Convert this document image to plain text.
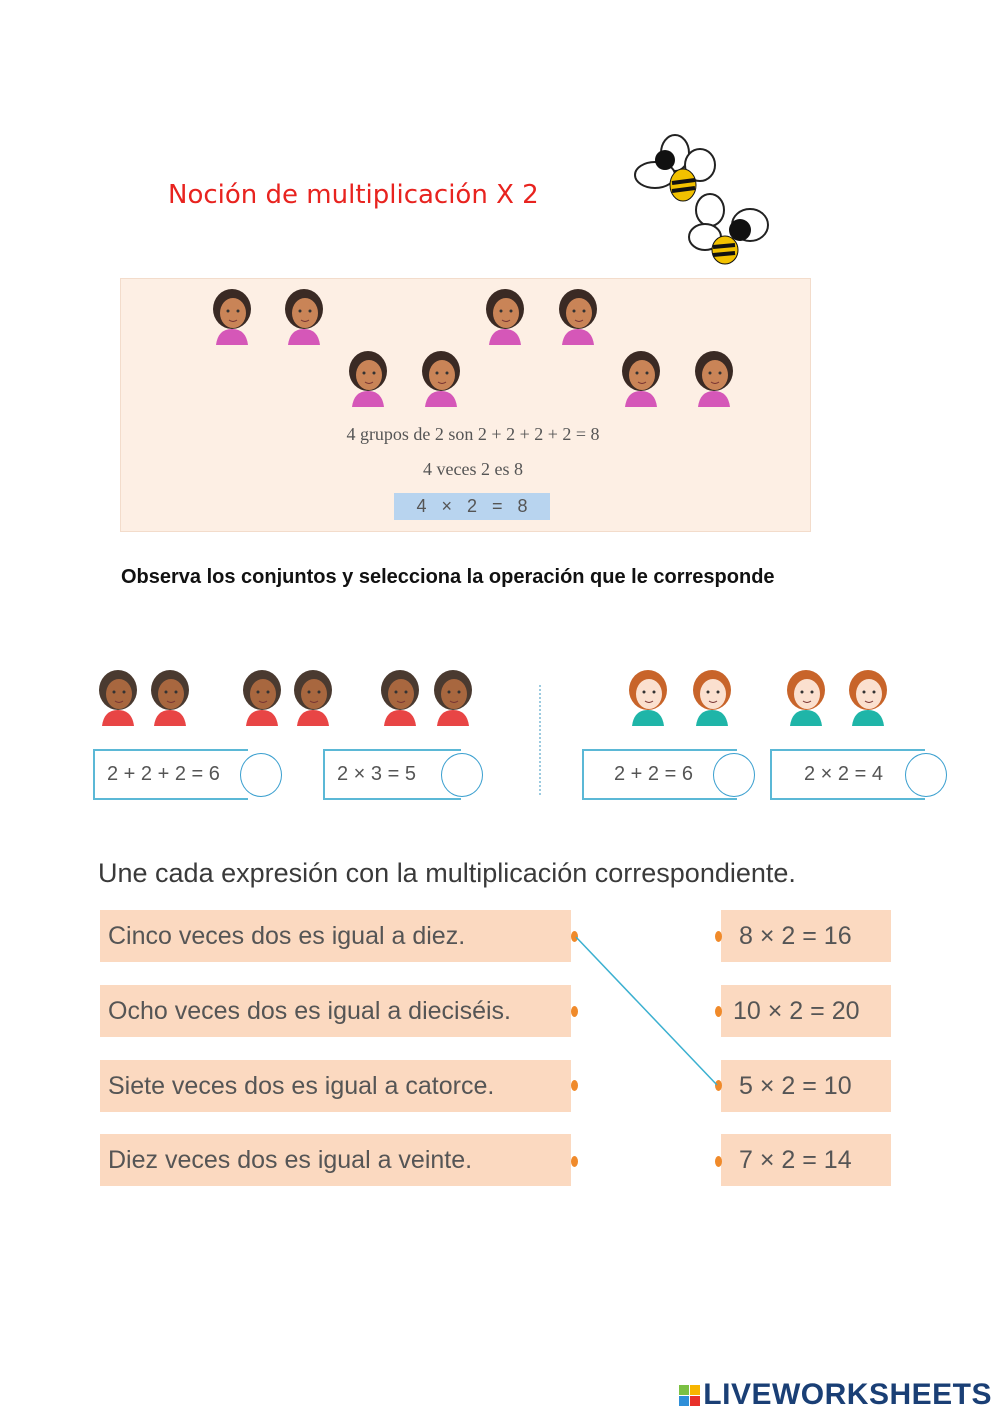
Noción de multiplicación X 2
4 grupos de 2 son 2 + 2 + 2 + 2 = 8
4 veces 2 es 8
4 × 2 = 8
Observa los conjuntos y selecciona la operación que le corresponde
2 + 2 + 2 = 6	2 × 3 = 5	2 + 2 = 6	2 × 2 = 4
Une cada expresión con la multiplicación correspondiente.
Cinco veces dos es igual a diez.
Ocho veces dos es igual a dieciséis.
Siete veces dos es igual a catorce.
Diez veces dos es igual a veinte.
8 × 2 = 16
10 × 2 = 20
5 × 2 = 10
7 × 2 = 14
LIVEWORKSHEETS
